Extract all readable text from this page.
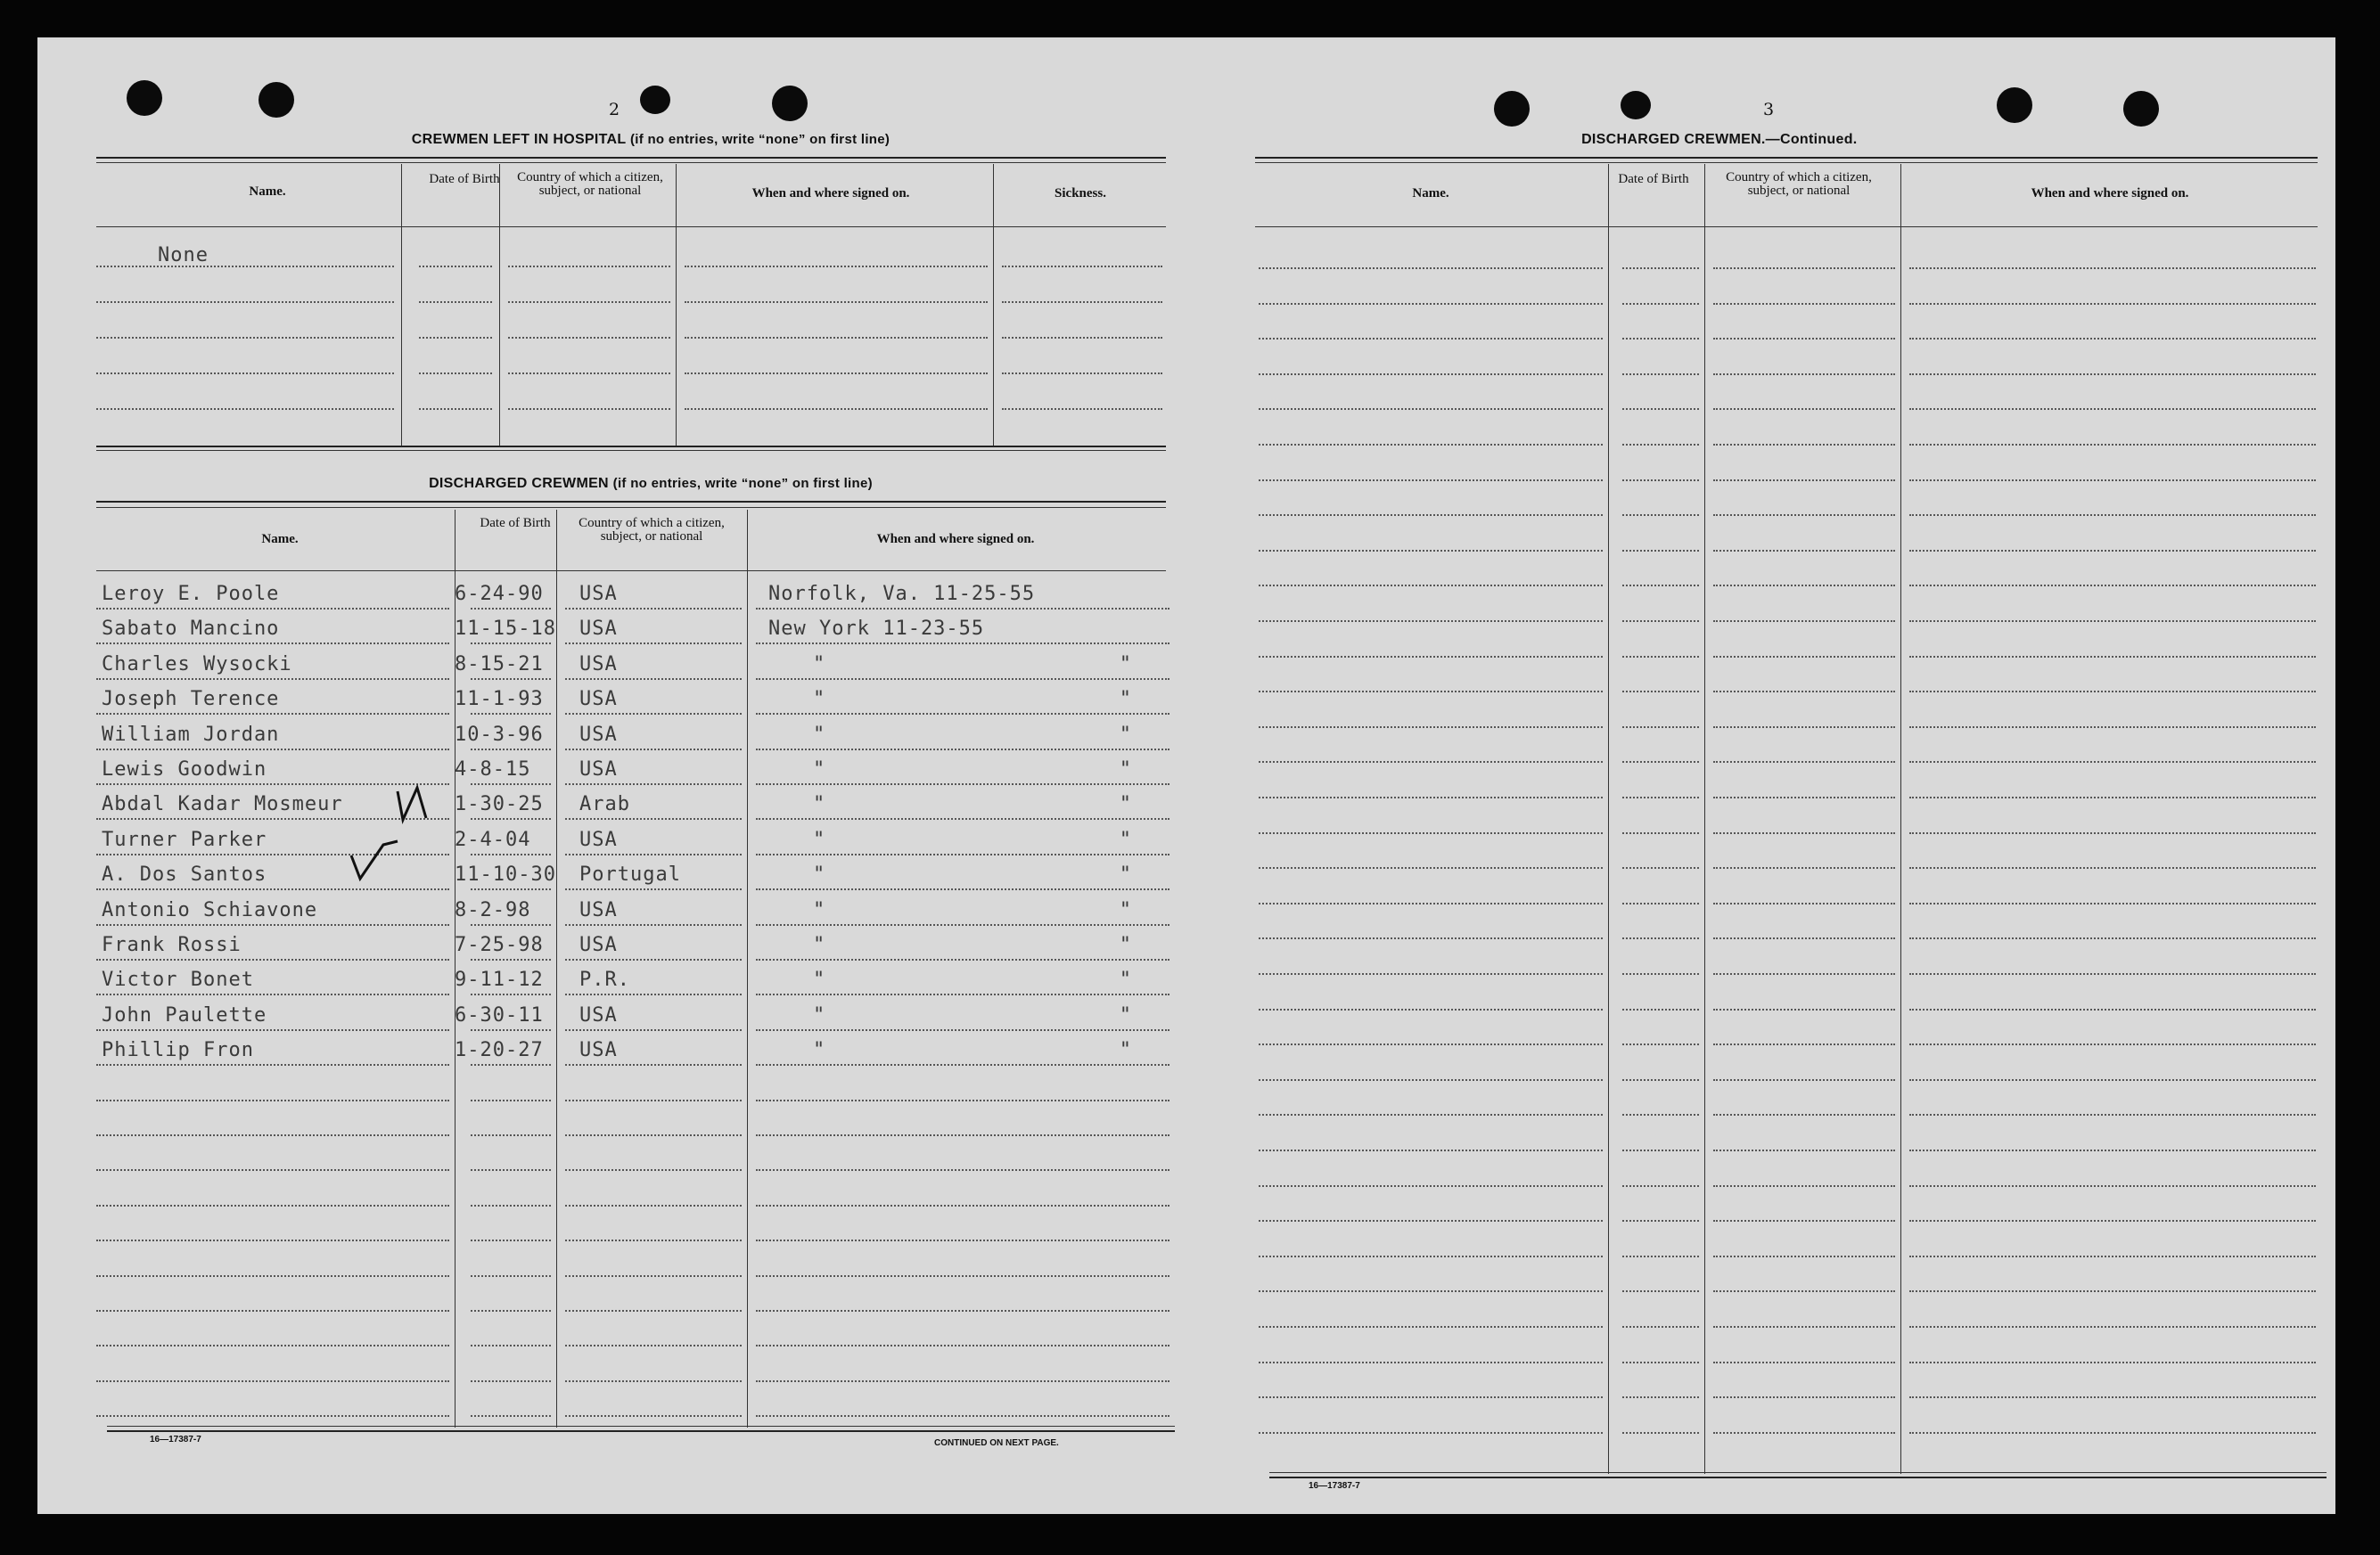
2
CREWMEN LEFT IN HOSPITAL (if no entries, write “none” on first line)
Name.
Date of Birth	Country of which a citizen, subject, or national	When and where signed on.	Sickness.
None
DISCHARGED CREWMEN (if no entries, write “none” on first line)
Name.
Date of Birth	Country of which a citizen, subject, or national	When and where signed on.
Leroy E. Poole	6-24-90 USA	Norfolk, Va. 11-25-55
Sabato Mancino	11-15-18 USA	New York 11-23-55
Charles Wysocki	8-15-21 USA	"          "
Joseph Terence	11-1-93 USA	"          "
William Jordan	10-3-96 USA	"          "
Lewis Goodwin	4-8-15 USA	"          "
Abdal Kadar Mosmeur	1-30-25 Arab	"          "
Turner Parker	2-4-04 USA	"          "
A. Dos Santos	11-10-30 Portugal	"          "
Antonio Schiavone	8-2-98 USA	"          "
Frank Rossi	7-25-98 USA	"          "
Victor Bonet	9-11-12 P.R.	"          "
John Paulette	6-30-11 USA	"          "
Phillip Fron	1-20-27 USA	"          "
16—17387-7	CONTINUED ON NEXT PAGE.
3
DISCHARGED CREWMEN.—Continued.
Name.
Date of Birth	Country of which a citizen, subject, or national	When and where signed on.
16—17387-7
